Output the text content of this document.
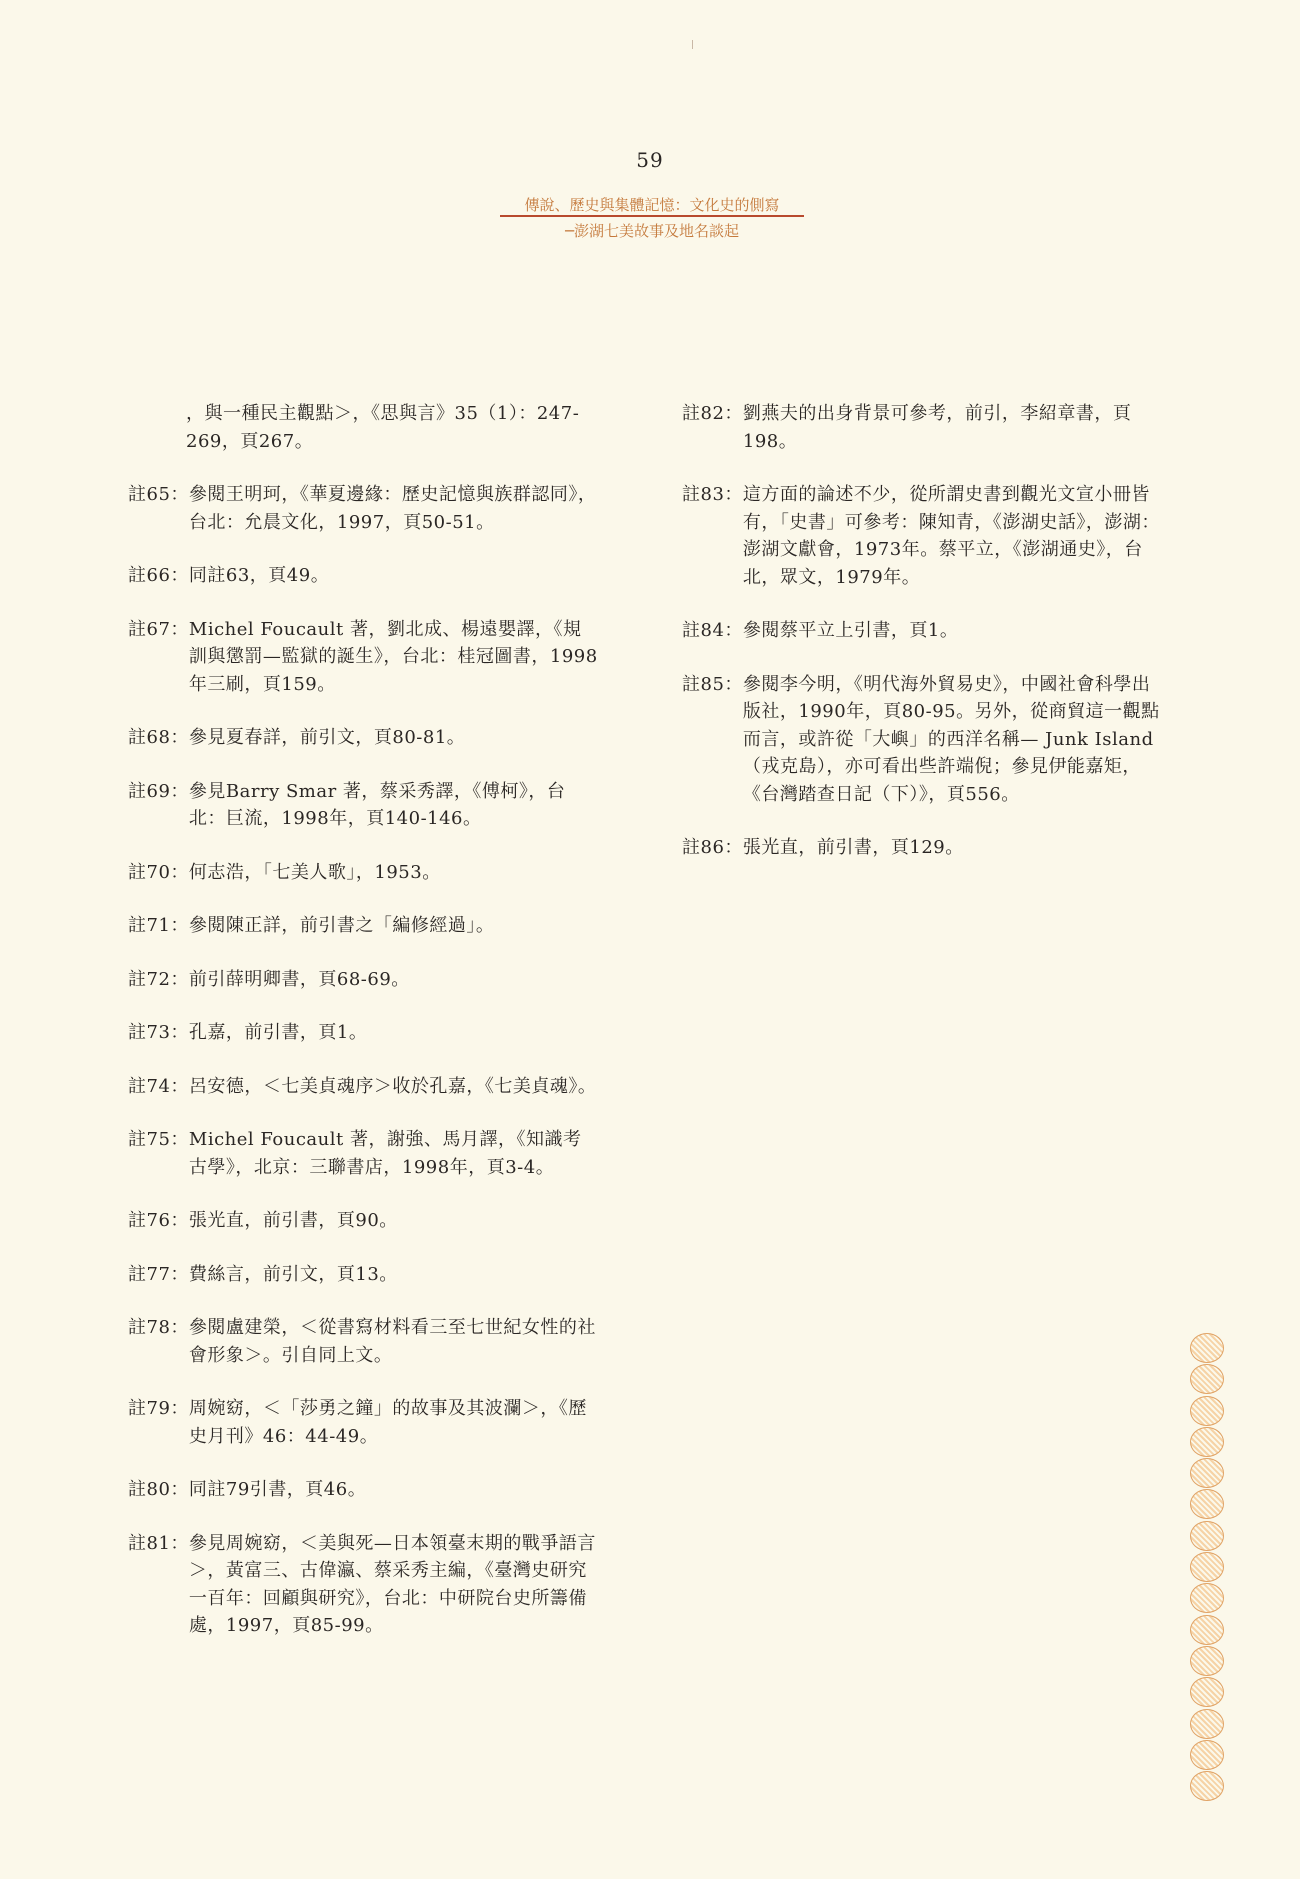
59
傳說、歷史與集體記憶：文化史的側寫
─澎湖七美故事及地名談起
，與一種民主觀點＞，《思與言》35（1）：247-269，頁267。
註65： 參閱王明珂，《華夏邊緣：歷史記憶與族群認同》，台北：允晨文化，1997，頁50-51。
註66： 同註63，頁49。
註67： Michel Foucault 著，劉北成、楊遠嬰譯，《規訓與懲罰—監獄的誕生》，台北：桂冠圖書，1998年三刷，頁159。
註68： 參見夏春詳，前引文，頁80-81。
註69： 參見Barry Smar 著，蔡采秀譯，《傅柯》，台北：巨流，1998年，頁140-146。
註70： 何志浩，「七美人歌」，1953。
註71： 參閱陳正詳，前引書之「編修經過」。
註72： 前引薛明卿書，頁68-69。
註73： 孔嘉，前引書，頁1。
註74： 呂安德，＜七美貞魂序＞收於孔嘉，《七美貞魂》。
註75： Michel Foucault 著，謝強、馬月譯，《知識考古學》，北京：三聯書店，1998年，頁3-4。
註76： 張光直，前引書，頁90。
註77： 費絲言，前引文，頁13。
註78： 參閱盧建榮，＜從書寫材料看三至七世紀女性的社會形象＞。引自同上文。
註79： 周婉窈，＜「莎勇之鐘」的故事及其波瀾＞，《歷史月刊》46：44-49。
註80： 同註79引書，頁46。
註81： 參見周婉窈，＜美與死—日本領臺末期的戰爭語言＞，黃富三、古偉瀛、蔡采秀主編，《臺灣史研究一百年：回顧與研究》，台北：中研院台史所籌備處，1997，頁85-99。
註82： 劉燕夫的出身背景可參考，前引，李紹章書，頁198。
註83： 這方面的論述不少，從所謂史書到觀光文宣小冊皆有，「史書」可參考：陳知青，《澎湖史話》，澎湖：澎湖文獻會，1973年。蔡平立，《澎湖通史》，台北，眾文，1979年。
註84： 參閱蔡平立上引書，頁1。
註85： 參閱李今明，《明代海外貿易史》，中國社會科學出版社，1990年，頁80-95。另外，從商貿這一觀點而言，或許從「大嶼」的西洋名稱— Junk Island（戎克島），亦可看出些許端倪；參見伊能嘉矩，《台灣踏查日記（下）》，頁556。
註86： 張光直，前引書，頁129。
